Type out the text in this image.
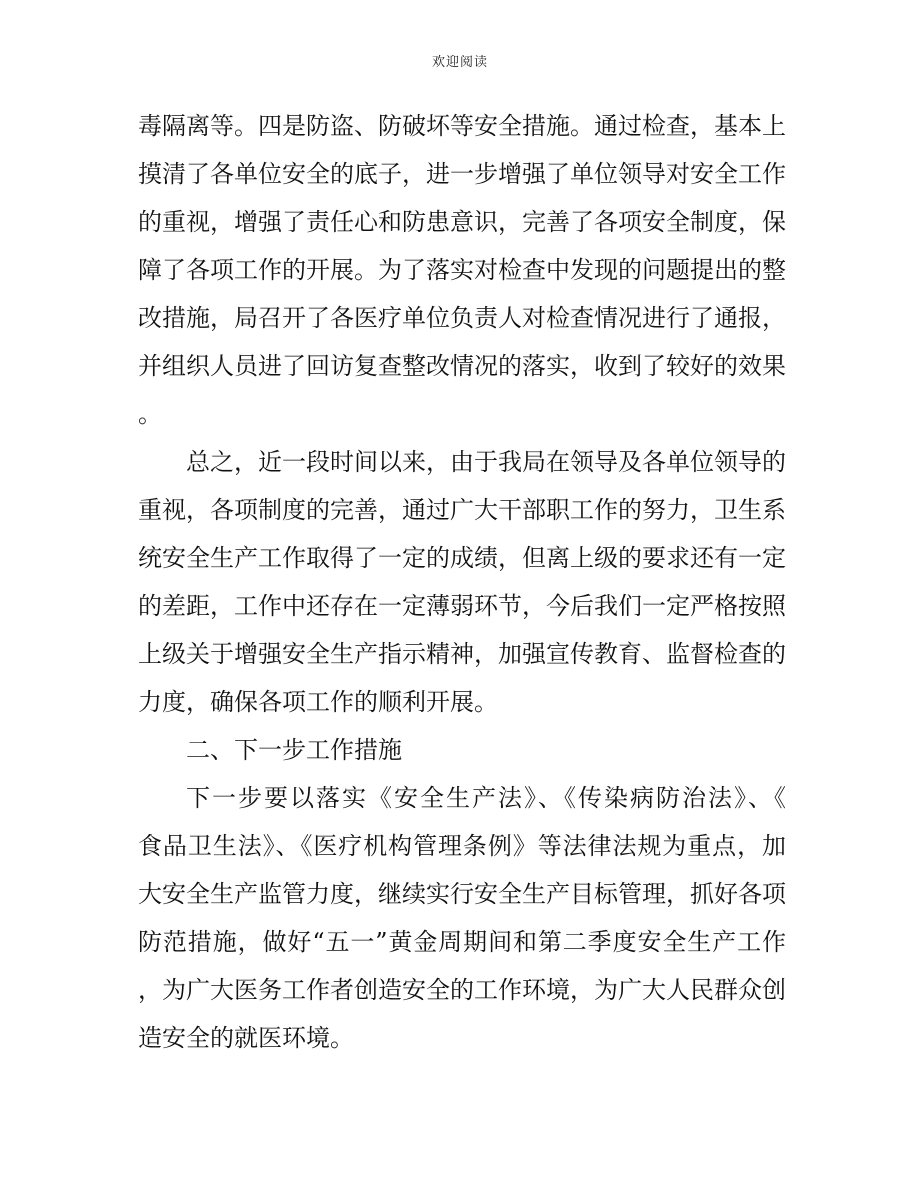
欢迎阅读
毒隔离等。四是防盗、防破坏等安全措施。通过检查，基本上
摸清了各单位安全的底子，进一步增强了单位领导对安全工作
的重视，增强了责任心和防患意识，完善了各项安全制度，保
障了各项工作的开展。为了落实对检查中发现的问题提出的整
改措施，局召开了各医疗单位负责人对检查情况进行了通报，
并组织人员进了回访复查整改情况的落实，收到了较好的效果
。
总之，近一段时间以来，由于我局在领导及各单位领导的
重视，各项制度的完善，通过广大干部职工作的努力，卫生系
统安全生产工作取得了一定的成绩，但离上级的要求还有一定
的差距，工作中还存在一定薄弱环节，今后我们一定严格按照
上级关于增强安全生产指示精神，加强宣传教育、监督检查的
力度，确保各项工作的顺利开展。
二、下一步工作措施
下一步要以落实《安全生产法》、《传染病防治法》、《
食品卫生法》、《医疗机构管理条例》等法律法规为重点，加
大安全生产监管力度，继续实行安全生产目标管理，抓好各项
防范措施，做好“五一”黄金周期间和第二季度安全生产工作
，为广大医务工作者创造安全的工作环境，为广大人民群众创
造安全的就医环境。
